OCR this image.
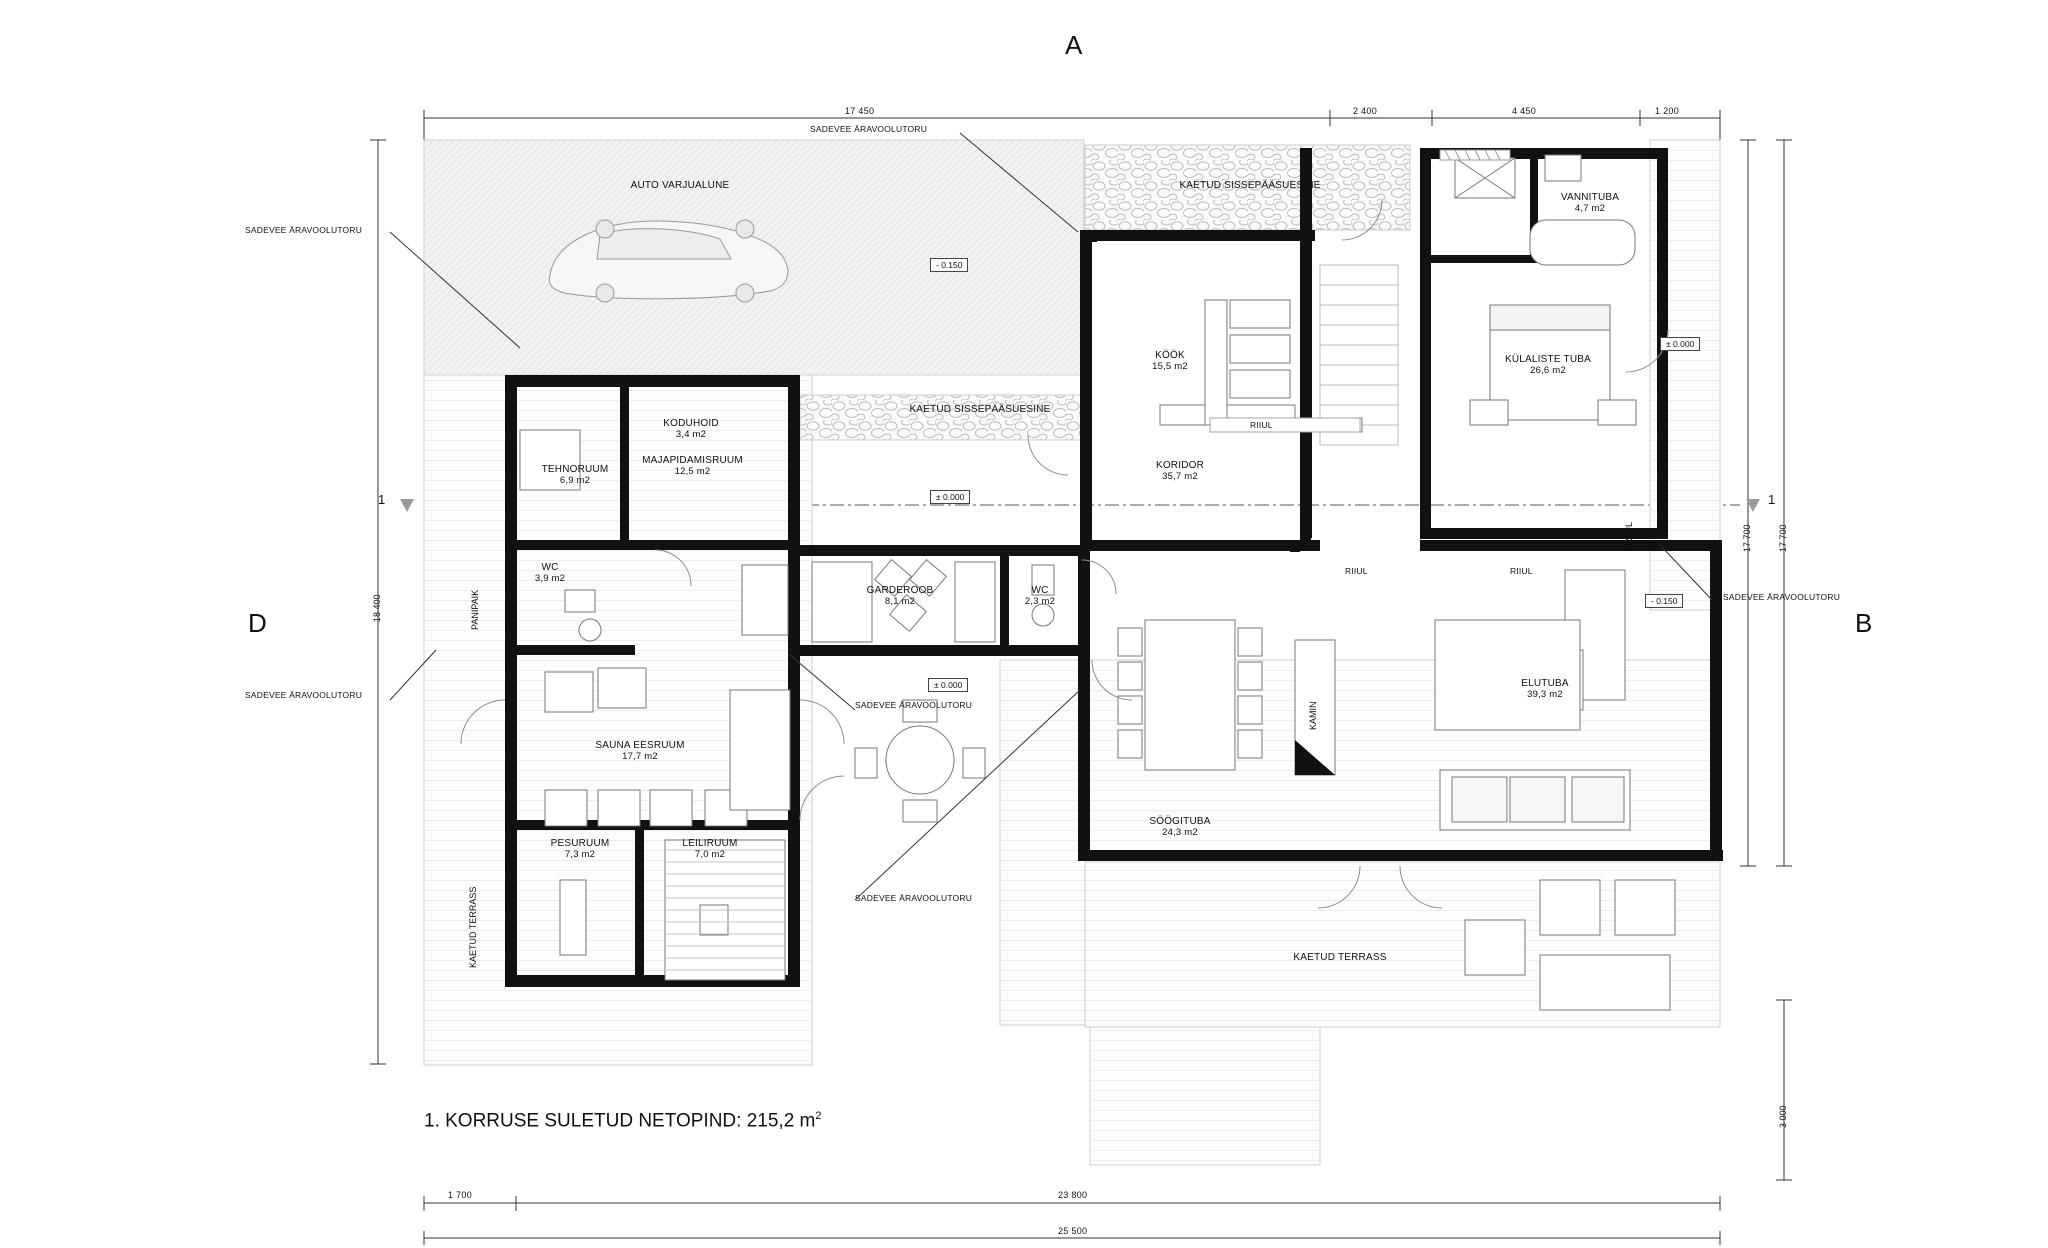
A
D	B
1	1
17 450	2 400	4 450	1 200
1 700	23 800
25 500
18 400
17 700	17 700
3 000
- 0.150
± 0.000
± 0.000
± 0.000
- 0.150
SADEVEE ÄRAVOOLUTORU
SADEVEE ÄRAVOOLUTORU
SADEVEE ÄRAVOOLUTORU
SADEVEE ÄRAVOOLUTORU
SADEVEE ÄRAVOOLUTORU
SADEVEE ÄRAVOOLUTORU
AUTO VARJUALUNE	KAETUD SISSEPÄÄSUESINE
KAETUD SISSEPÄÄSUESINE
VANNITUBA
4,7 m2
KÖÖK
15,5 m2
KÜLALISTE TUBA
26,6 m2
KODUHOID
3,4 m2
MAJAPIDAMISRUUM
12,5 m2
TEHNORUUM
6,9 m2
KORIDOR
35,7 m2
WC
3,9 m2
GARDEROOB
8,1 m2
WC
2,3 m2
ELUTUBA
39,3 m2
SAUNA EESRUUM
17,7 m2
SÖÖGITUBA
24,3 m2
PESURUUM
7,3 m2
LEILIRUUM
7,0 m2
KAETUD TERRASS
KAETUD TERRASS
PANIPAIK
KAMIN
RIIUL
RIIUL
RIIUL	RIIUL
1. KORRUSE SULETUD NETOPIND: 215,2 $m^2$
